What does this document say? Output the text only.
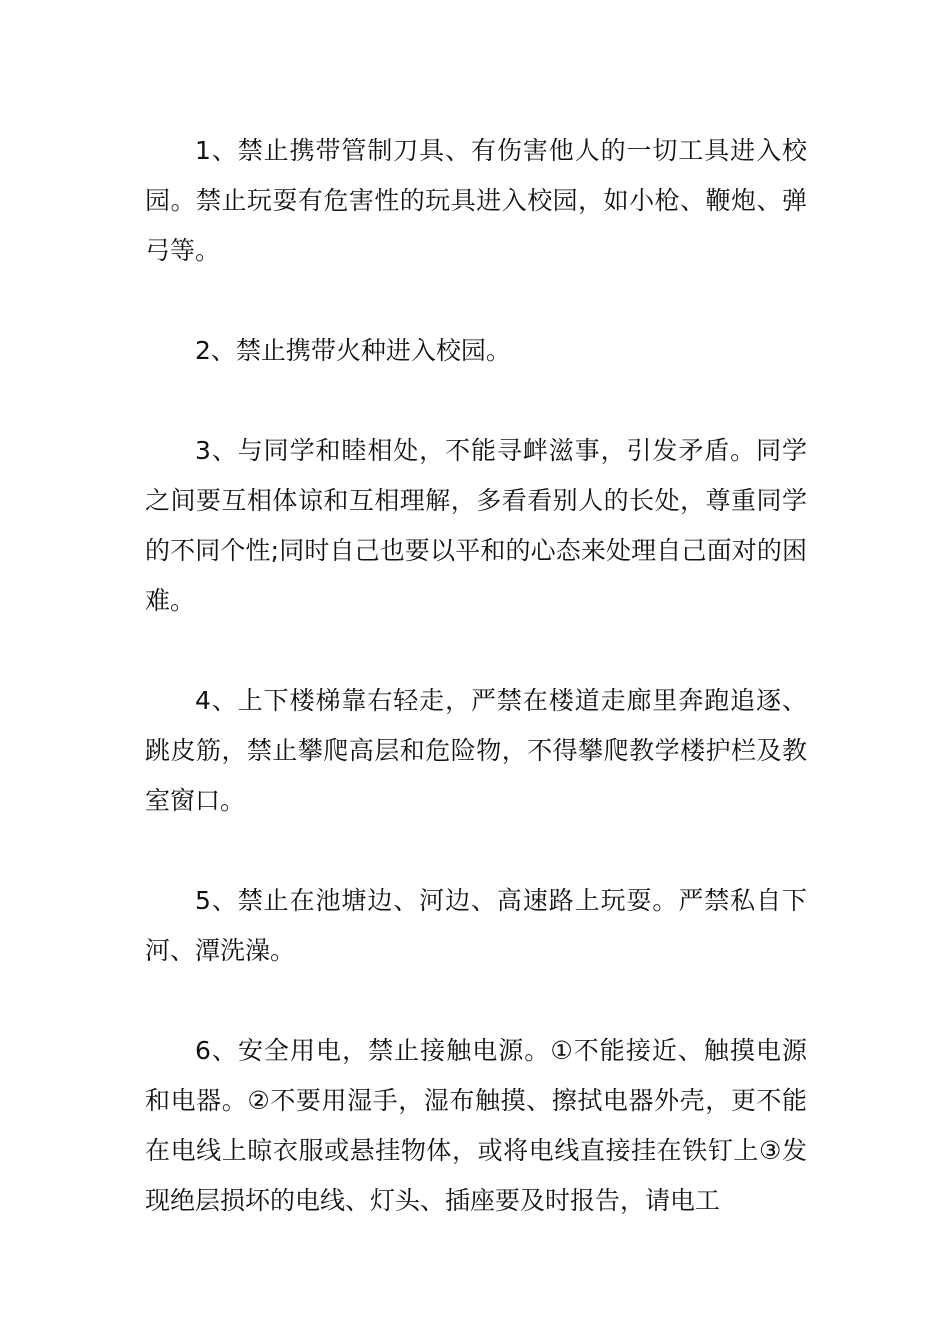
1、禁止携带管制刀具、有伤害他人的一切工具进入校园。禁止玩耍有危害性的玩具进入校园，如小枪、鞭炮、弹弓等。

2、禁止携带火种进入校园。

3、与同学和睦相处，不能寻衅滋事，引发矛盾。同学之间要互相体谅和互相理解，多看看别人的长处，尊重同学的不同个性;同时自己也要以平和的心态来处理自己面对的困难。

4、上下楼梯靠右轻走，严禁在楼道走廊里奔跑追逐、跳皮筋，禁止攀爬高层和危险物，不得攀爬教学楼护栏及教室窗口。

5、禁止在池塘边、河边、高速路上玩耍。严禁私自下河、潭洗澡。

6、安全用电，禁止接触电源。①不能接近、触摸电源和电器。②不要用湿手，湿布触摸、擦拭电器外壳，更不能在电线上晾衣服或悬挂物体，或将电线直接挂在铁钉上③发现绝层损坏的电线、灯头、插座要及时报告，请电工
